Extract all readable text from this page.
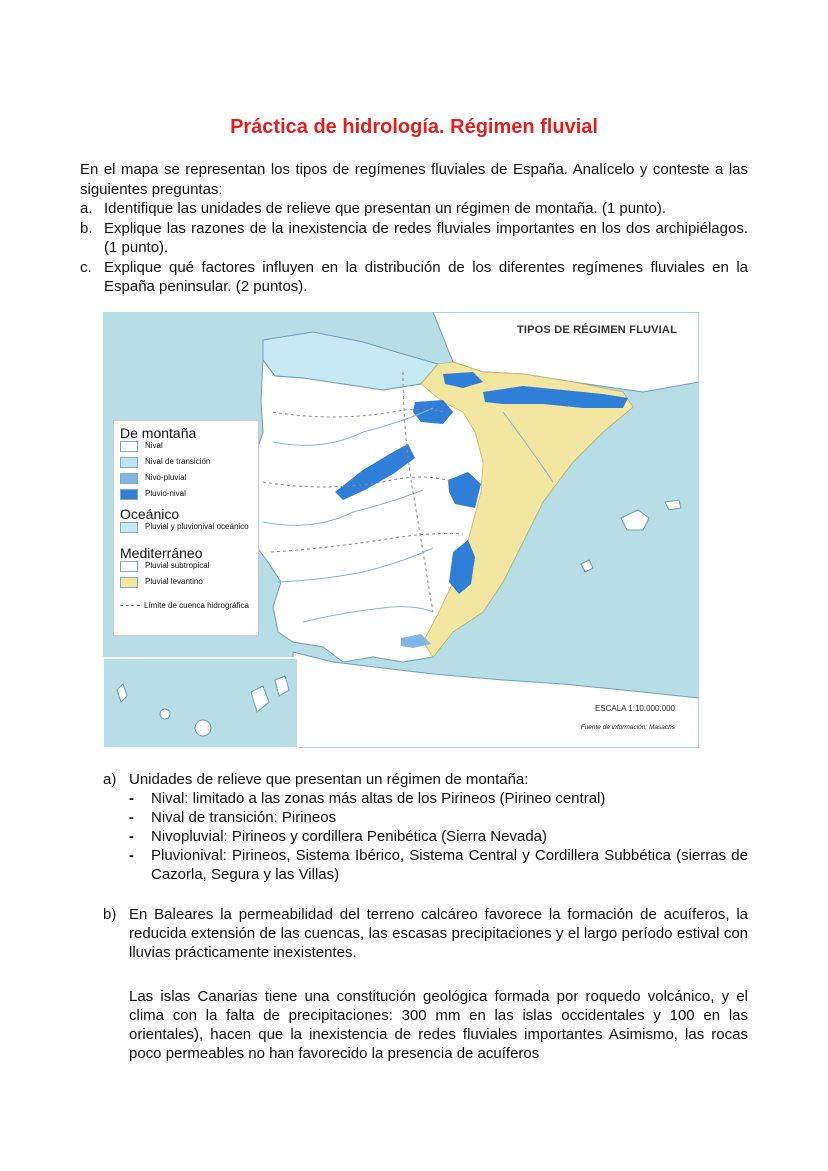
Práctica de hidrología. Régimen fluvial

En el mapa se representan los tipos de regímenes fluviales de España. Analícelo y conteste a las siguientes preguntas:

a. Identifique las unidades de relieve que presentan un régimen de montaña. (1 punto).
b. Explique las razones de la inexistencia de redes fluviales importantes en los dos archipiélagos. (1 punto).
c. Explique qué factores influyen en la distribución de los diferentes regímenes fluviales en la España peninsular. (2 puntos).
TIPOS DE RÉGIMEN FLUVIAL
De montaña
Nival
Nival de transición
Nivo-pluvial
Pluvio-nival
Oceánico
Pluvial y pluvionival oceánico
Mediterráneo
Pluvial subtropical
Pluvial levantino
Límite de cuenca hidrográfica
ESCALA 1:10.000.000
Fuente de información: Masachs
a) Unidades de relieve que presentan un régimen de montaña:
- Nival: limitado a las zonas más altas de los Pirineos (Pirineo central)
- Nival de transición: Pirineos
- Nivopluvial: Pirineos y cordillera Penibética (Sierra Nevada)
- Pluvionival: Pirineos, Sistema Ibérico, Sistema Central y Cordillera Subbética (sierras de Cazorla, Segura y las Villas)
b) En Baleares la permeabilidad del terreno calcáreo favorece la formación de acuíferos, la reducida extensión de las cuencas, las escasas precipitaciones y el largo período estival con lluvias prácticamente inexistentes.
Las islas Canarias tiene una constitución geológica formada por roquedo volcánico, y el clima con la falta de precipitaciones: 300 mm en las islas occidentales y 100 en las orientales), hacen que la inexistencia de redes fluviales importantes Asimismo, las rocas poco permeables no han favorecido la presencia de acuíferos
